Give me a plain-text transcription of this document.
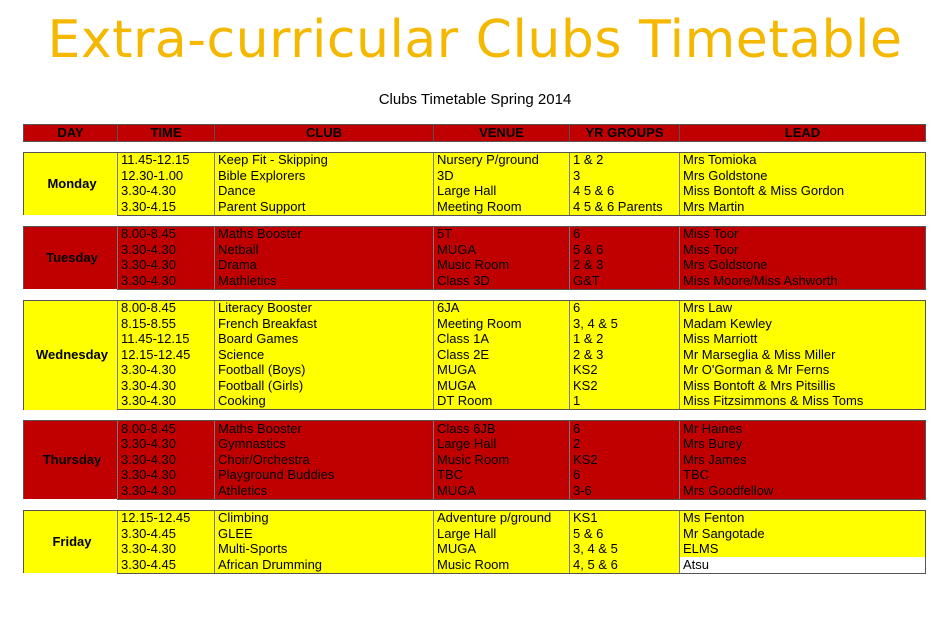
Extra-curricular Clubs Timetable
Clubs Timetable Spring 2014
DAY	TIME	CLUB	VENUE	YR GROUPS	LEAD

Monday	11.45-12.15	Keep Fit - Skipping	Nursery P/ground	1 & 2	Mrs Tomioka
	12.30-1.00	Bible Explorers	3D	3	Mrs Goldstone
	3.30-4.30	Dance	Large Hall	4 5 & 6	Miss Bontoft & Miss Gordon
	3.30-4.15	Parent Support	Meeting Room	4 5 & 6 Parents	Mrs Martin

Tuesday	8.00-8.45	Maths Booster	5T	6	Miss Toor
	3.30-4.30	Netball	MUGA	5 & 6	Miss Toor
	3.30-4.30	Drama	Music Room	2 & 3	Mrs Goldstone
	3.30-4.30	Mathletics	Class 3D	G&T	Miss Moore/Miss Ashworth

Wednesday	8.00-8.45	Literacy Booster	6JA	6	Mrs Law
	8.15-8.55	French Breakfast	Meeting Room	3, 4 & 5	Madam Kewley
	11.45-12.15	Board Games	Class 1A	1 & 2	Miss Marriott
	12.15-12.45	Science	Class 2E	2 & 3	Mr Marseglia & Miss Miller
	3.30-4.30	Football (Boys)	MUGA	KS2	Mr O'Gorman & Mr Ferns
	3.30-4.30	Football (Girls)	MUGA	KS2	Miss Bontoft & Mrs Pitsillis
	3.30-4.30	Cooking	DT Room	1	Miss Fitzsimmons & Miss Toms

Thursday	8.00-8.45	Maths Booster	Class 6JB	6	Mr Haines
	3.30-4.30	Gymnastics	Large Hall	2	Mrs Burey
	3.30-4.30	Choir/Orchestra	Music Room	KS2	Mrs James
	3.30-4.30	Playground Buddies	TBC	6	TBC
	3.30-4.30	Athletics	MUGA	3-6	Mrs Goodfellow

Friday	12.15-12.45	Climbing	Adventure p/ground	KS1	Ms Fenton
	3.30-4.45	GLEE	Large Hall	5 & 6	Mr Sangotade
	3.30-4.30	Multi-Sports	MUGA	3, 4 & 5	ELMS
	3.30-4.45	African Drumming	Music Room	4, 5 & 6	Atsu
